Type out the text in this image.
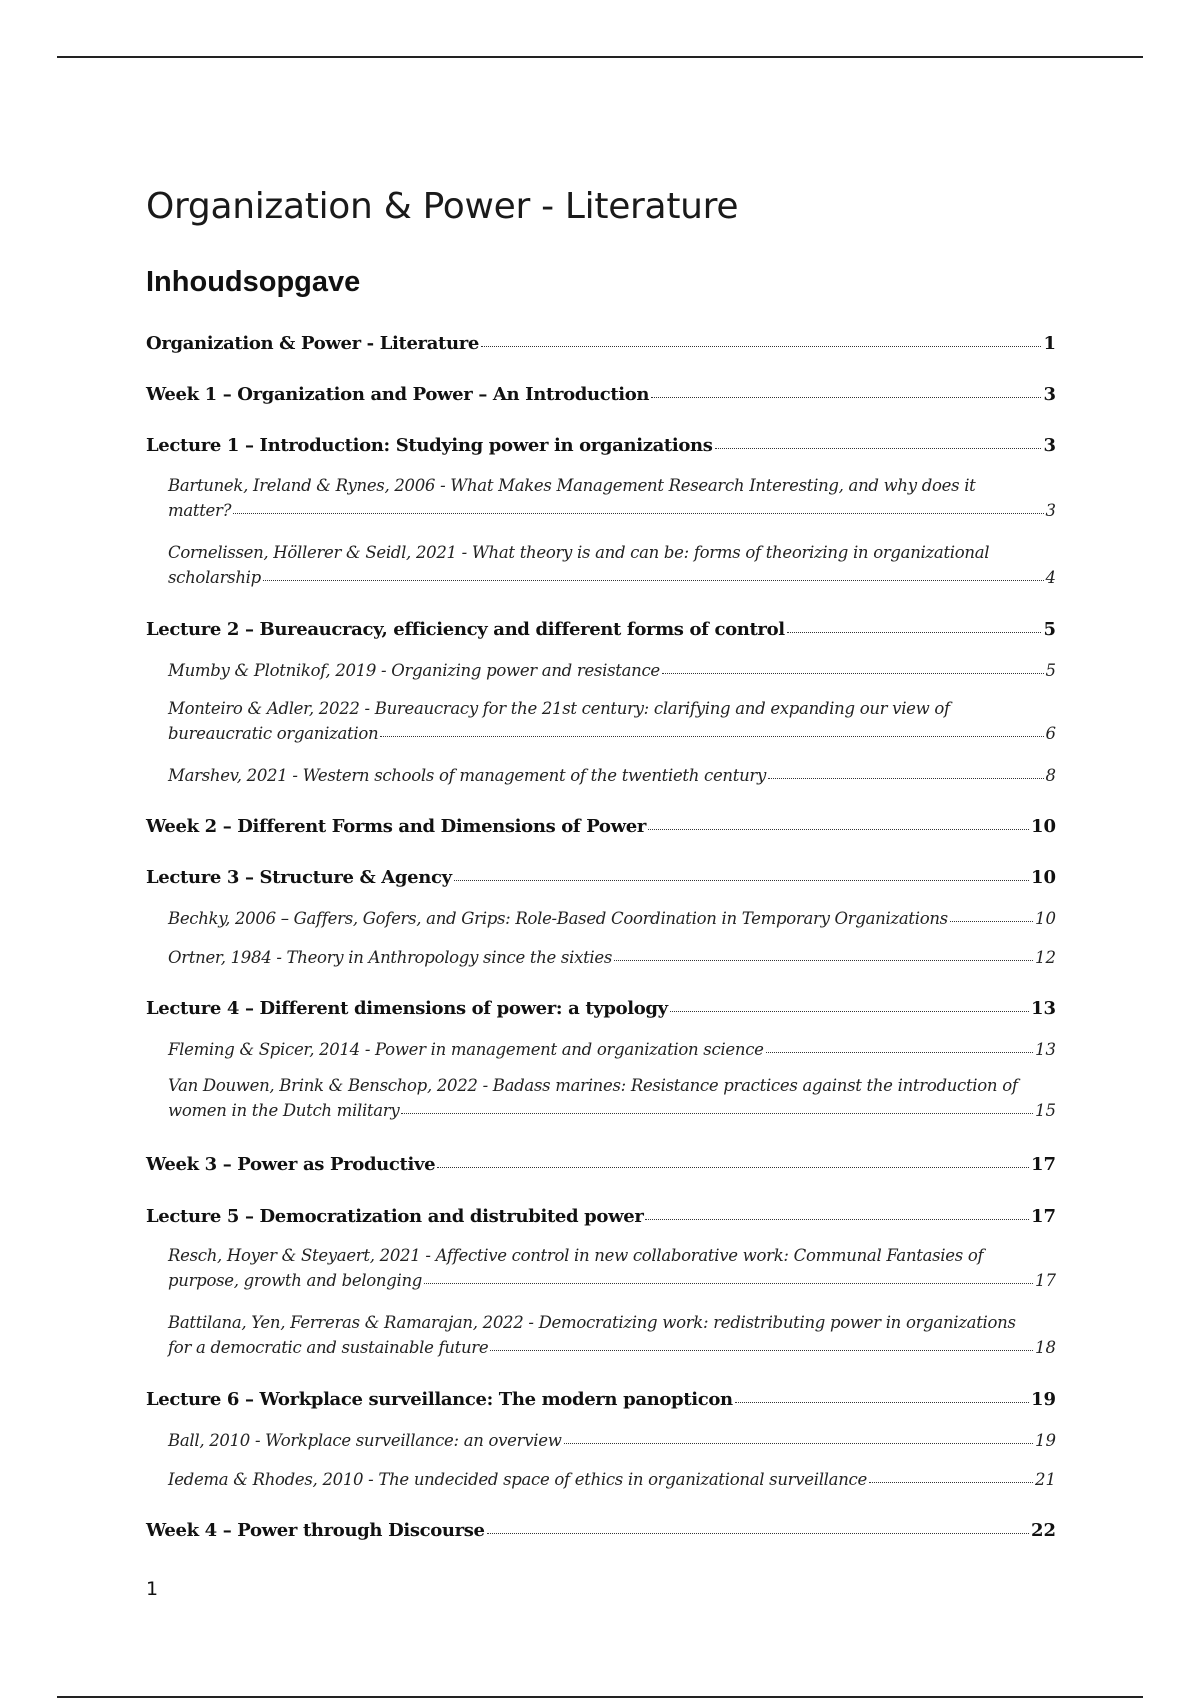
Organization & Power - Literature
Inhoudsopgave
Organization & Power - Literature	1
Week 1 – Organization and Power – An Introduction	3
Lecture 1 – Introduction: Studying power in organizations	3
Bartunek, Ireland & Rynes, 2006 - What Makes Management Research Interesting, and why does it
matter?	3
Cornelissen, Höllerer & Seidl, 2021 - What theory is and can be: forms of theorizing in organizational
scholarship	4
Lecture 2 – Bureaucracy, efficiency and different forms of control	5
Mumby & Plotnikof, 2019 - Organizing power and resistance	5
Monteiro & Adler, 2022 - Bureaucracy for the 21st century: clarifying and expanding our view of
bureaucratic organization	6
Marshev, 2021 - Western schools of management of the twentieth century	8
Week 2 – Different Forms and Dimensions of Power	10
Lecture 3 – Structure & Agency	10
Bechky, 2006 – Gaffers, Gofers, and Grips: Role-Based Coordination in Temporary Organizations	10
Ortner, 1984 - Theory in Anthropology since the sixties	12
Lecture 4 – Different dimensions of power: a typology	13
Fleming & Spicer, 2014 - Power in management and organization science	13
Van Douwen, Brink & Benschop, 2022 - Badass marines: Resistance practices against the introduction of
women in the Dutch military	15
Week 3 – Power as Productive	17
Lecture 5 – Democratization and distrubited power	17
Resch, Hoyer & Steyaert, 2021 - Affective control in new collaborative work: Communal Fantasies of
purpose, growth and belonging	17
Battilana, Yen, Ferreras & Ramarajan, 2022 - Democratizing work: redistributing power in organizations
for a democratic and sustainable future	18
Lecture 6 – Workplace surveillance: The modern panopticon	19
Ball, 2010 - Workplace surveillance: an overview	19
Iedema & Rhodes, 2010 - The undecided space of ethics in organizational surveillance	21
Week 4 – Power through Discourse	22
1
